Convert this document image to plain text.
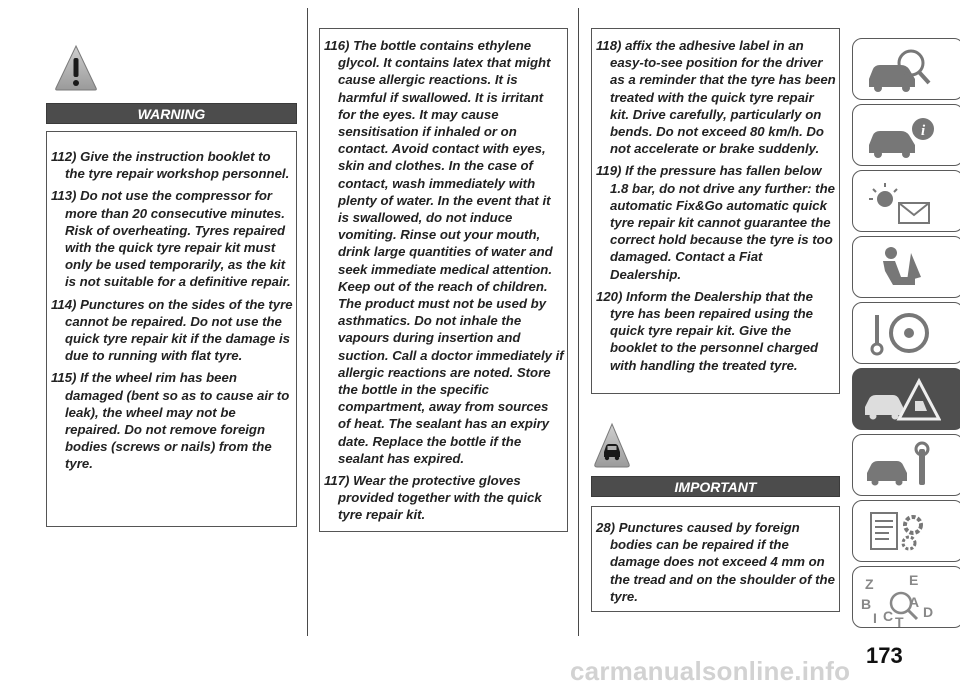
WARNING

112) Give the instruction booklet to the tyre repair workshop personnel.

113) Do not use the compressor for more than 20 consecutive minutes. Risk of overheating. Tyres repaired with the quick tyre repair kit must only be used temporarily, as the kit is not suitable for a definitive repair.

114) Punctures on the sides of the tyre cannot be repaired. Do not use the quick tyre repair kit if the damage is due to running with flat tyre.

115) If the wheel rim has been damaged (bent so as to cause air to leak), the wheel may not be repaired. Do not remove foreign bodies (screws or nails) from the tyre.

116) The bottle contains ethylene glycol. It contains latex that might cause allergic reactions. It is harmful if swallowed. It is irritant for the eyes. It may cause sensitisation if inhaled or on contact. Avoid contact with eyes, skin and clothes. In the case of contact, wash immediately with plenty of water. In the event that it is swallowed, do not induce vomiting. Rinse out your mouth, drink large quantities of water and seek immediate medical attention. Keep out of the reach of children. The product must not be used by asthmatics. Do not inhale the vapours during insertion and suction. Call a doctor immediately if allergic reactions are noted. Store the bottle in the specific compartment, away from sources of heat. The sealant has an expiry date. Replace the bottle if the sealant has expired.

117) Wear the protective gloves provided together with the quick tyre repair kit.

118) affix the adhesive label in an easy-to-see position for the driver as a reminder that the tyre has been treated with the quick tyre repair kit. Drive carefully, particularly on bends. Do not exceed 80 km/h. Do not accelerate or brake suddenly.

119) If the pressure has fallen below 1.8 bar, do not drive any further: the automatic Fix&Go automatic quick tyre repair kit cannot guarantee the correct hold because the tyre is too damaged. Contact a Fiat Dealership.

120) Inform the Dealership that the tyre has been repaired using the quick tyre repair kit. Give the booklet to the personnel charged with handling the treated tyre.

IMPORTANT

28) Punctures caused by foreign bodies can be repaired if the damage does not exceed 4 mm on the tread and on the shoulder of the tyre.

i
Z	E
B	A
I C T
D
173
carmanualsonline.info
